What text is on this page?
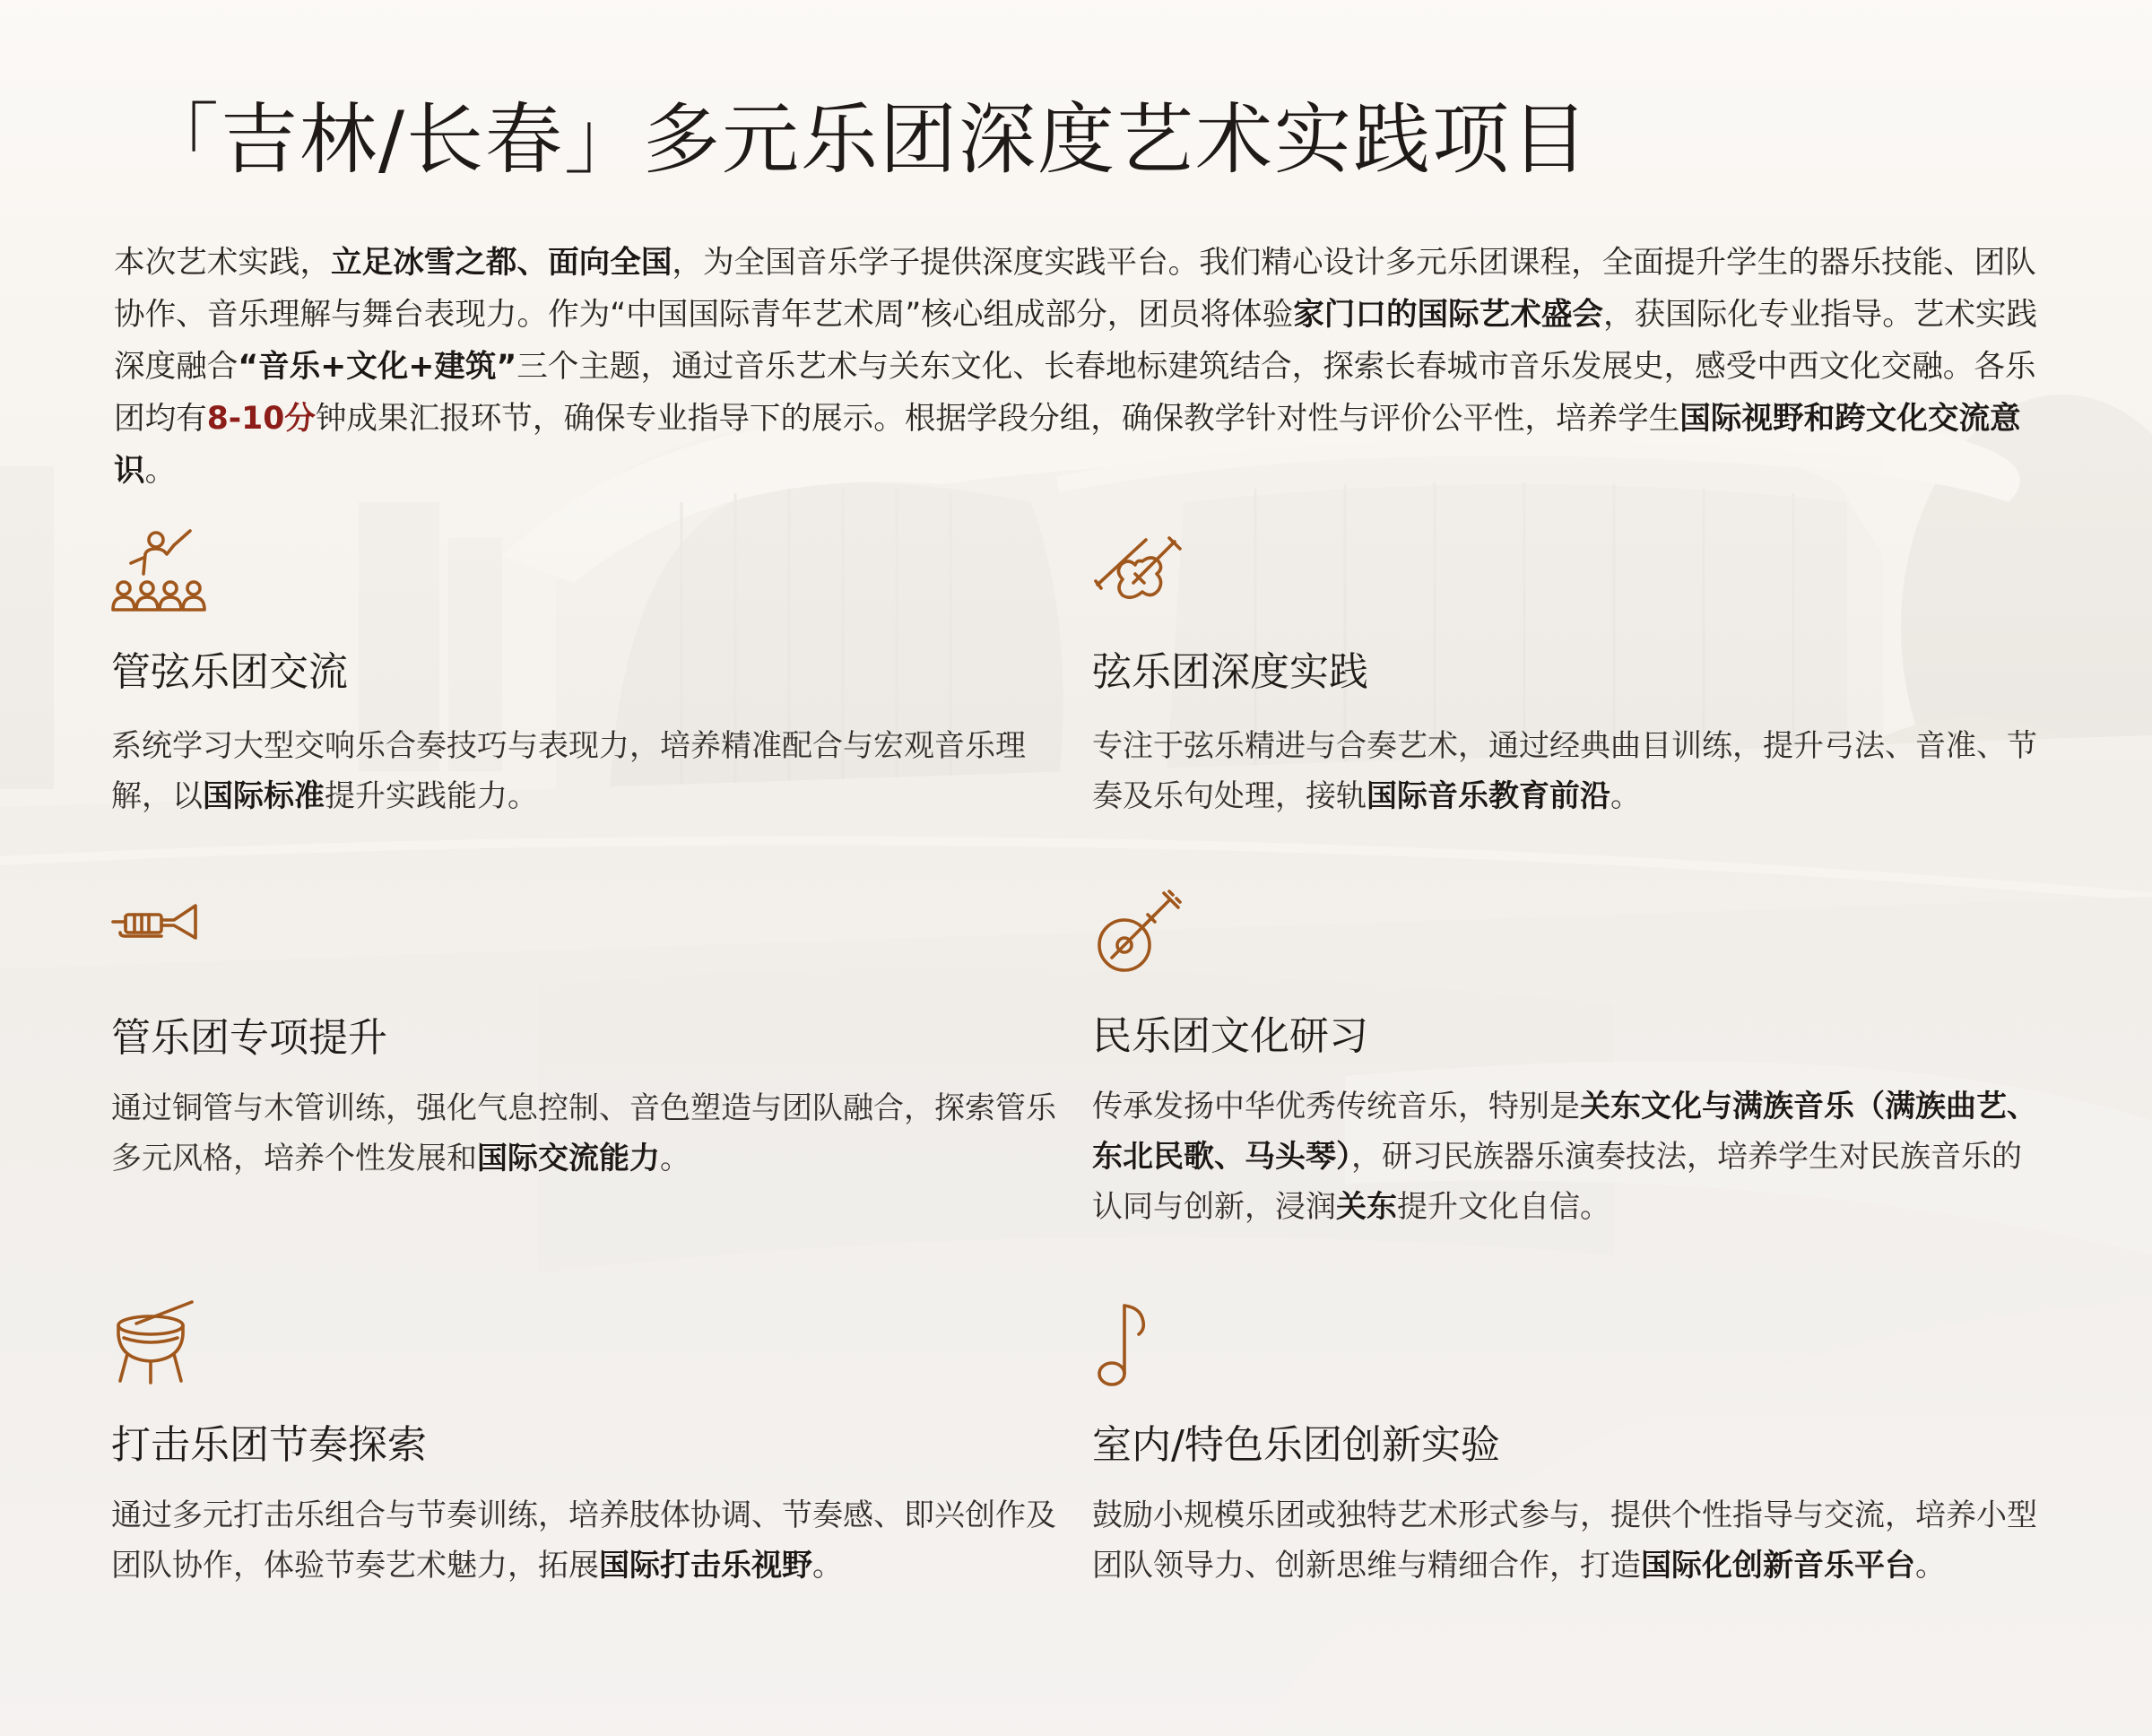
「吉林/长春」多元乐团深度艺术实践项目

本次艺术实践，立足冰雪之都、面向全国，为全国音乐学子提供深度实践平台。我们精心设计多元乐团课程，全面提升学生的器乐技能、团队协作、音乐理解与舞台表现力。作为“中国国际青年艺术周”核心组成部分，团员将体验家门口的国际艺术盛会，获国际化专业指导。艺术实践深度融合“音乐+文化+建筑”三个主题，通过音乐艺术与关东文化、长春地标建筑结合，探索长春城市音乐发展史，感受中西文化交融。各乐团均有8-10分钟成果汇报环节，确保专业指导下的展示。根据学段分组，确保教学针对性与评价公平性，培养学生国际视野和跨文化交流意识。

管弦乐团交流
系统学习大型交响乐合奏技巧与表现力，培养精准配合与宏观音乐理解，以国际标准提升实践能力。
弦乐团深度实践
专注于弦乐精进与合奏艺术，通过经典曲目训练，提升弓法、音准、节奏及乐句处理，接轨国际音乐教育前沿。
管乐团专项提升
通过铜管与木管训练，强化气息控制、音色塑造与团队融合，探索管乐多元风格，培养个性发展和国际交流能力。
民乐团文化研习
传承发扬中华优秀传统音乐，特别是关东文化与满族音乐（满族曲艺、东北民歌、马头琴），研习民族器乐演奏技法，培养学生对民族音乐的认同与创新，浸润关东提升文化自信。
打击乐团节奏探索
通过多元打击乐组合与节奏训练，培养肢体协调、节奏感、即兴创作及团队协作，体验节奏艺术魅力，拓展国际打击乐视野。
室内/特色乐团创新实验
鼓励小规模乐团或独特艺术形式参与，提供个性指导与交流，培养小型团队领导力、创新思维与精细合作，打造国际化创新音乐平台。
